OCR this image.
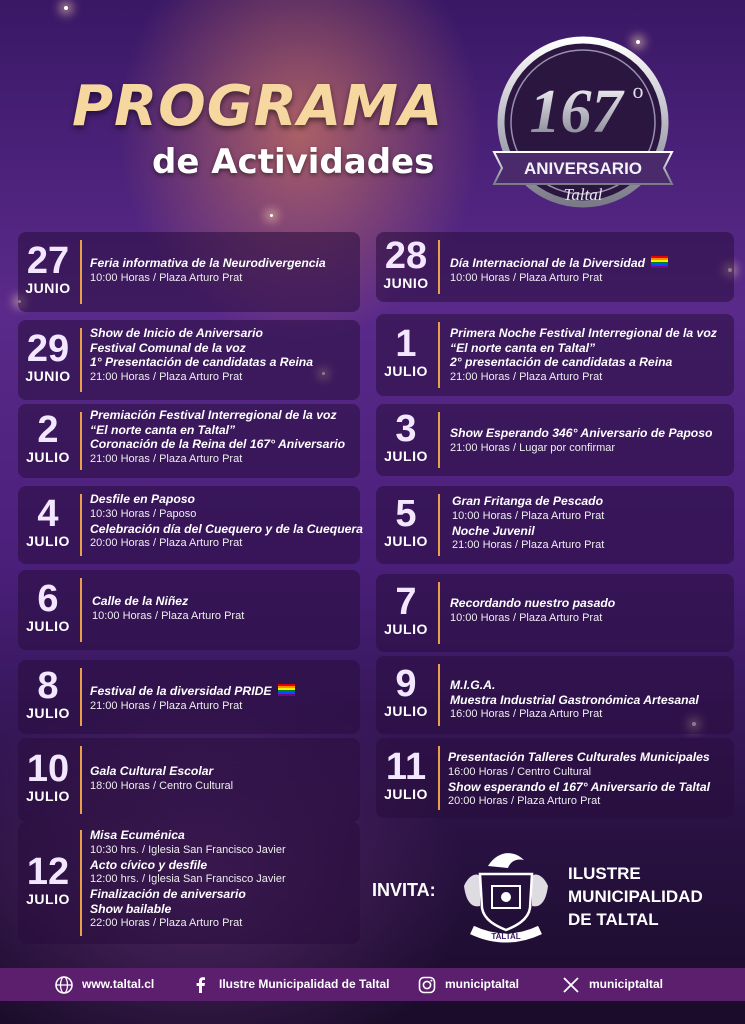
PROGRAMA
de Actividades
167 o
ANIVERSARIO
Taltal
27
JUNIO
Feria informativa de la Neurodivergencia
10:00 Horas / Plaza Arturo Prat
28
JUNIO
Día Internacional de la Diversidad
10:00 Horas / Plaza Arturo Prat
29
JUNIO
Show de Inicio de Aniversario
Festival Comunal de la voz
1° Presentación de candidatas a Reina
21:00 Horas / Plaza Arturo Prat
1
JULIO
Primera Noche Festival Interregional de la voz
“El norte canta en Taltal”
2° presentación de candidatas a Reina
21:00 Horas / Plaza Arturo Prat
2
JULIO
Premiación Festival Interregional de la voz
“El norte canta en Taltal”
Coronación de la Reina del 167° Aniversario
21:00 Horas / Plaza Arturo Prat
3
JULIO
Show Esperando 346° Aniversario de Paposo
21:00 Horas / Lugar por confirmar
4
JULIO
Desfile en Paposo
10:30 Horas / Paposo
Celebración día del Cuequero y de la Cuequera
20:00 Horas / Plaza Arturo Prat
5
JULIO
Gran Fritanga de Pescado
10:00 Horas / Plaza Arturo Prat
Noche Juvenil
21:00 Horas / Plaza Arturo Prat
6
JULIO
Calle de la Niñez
10:00 Horas / Plaza Arturo Prat	7
JULIO
Recordando nuestro pasado
10:00 Horas / Plaza Arturo Prat
8
JULIO
Festival de la diversidad PRIDE
21:00 Horas / Plaza Arturo Prat
9
JULIO
M.I.G.A.
Muestra Industrial Gastronómica Artesanal
16:00 Horas / Plaza Arturo Prat
10
JULIO
Gala Cultural Escolar
18:00 Horas / Centro Cultural	11
JULIO
Presentación Talleres Culturales Municipales
16:00 Horas / Centro Cultural
Show esperando el 167° Aniversario de Taltal
20:00 Horas / Plaza Arturo Prat
12
JULIO
Misa Ecuménica
10:30 hrs. / Iglesia San Francisco Javier
Acto cívico y desfile
12:00 hrs. / Iglesia San Francisco Javier
Finalización de aniversario
Show bailable
22:00 Horas / Plaza Arturo Prat
INVITA:
TALTAL
ILUSTRE
MUNICIPALIDAD
DE TALTAL
www.taltal.cl	Ilustre Municipalidad de Taltal	municiptaltal	municiptaltal
